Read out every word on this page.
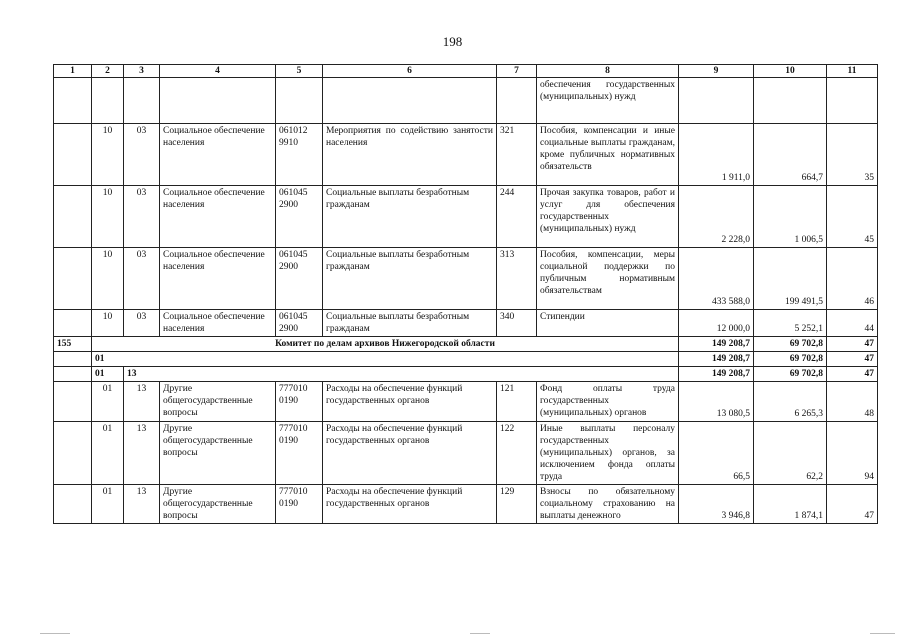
198
1	2	3	4	5	6	7	8	9	10	11
							обеспечения государственных (муниципальных) нужд			
	10	03	Социальное обеспечение населения	061012 9910	Мероприятия по содействию занятости населения	321	Пособия, компенсации и иные социальные выплаты гражданам, кроме публичных нормативных обязательств	1 911,0	664,7	35
	10	03	Социальное обеспечение населения	061045 2900	Социальные выплаты безработным гражданам	244	Прочая закупка товаров, работ и услуг для обеспечения государственных (муниципальных) нужд	2 228,0	1 006,5	45
	10	03	Социальное обеспечение населения	061045 2900	Социальные выплаты безработным гражданам	313	Пособия, компенсации, меры социальной поддержки по публичным нормативным обязательствам	433 588,0	199 491,5	46
	10	03	Социальное обеспечение населения	061045 2900	Социальные выплаты безработным гражданам	340	Стипендии	12 000,0	5 252,1	44
155	Комитет по делам архивов Нижегородской области							149 208,7	69 702,8	47
	01							149 208,7	69 702,8	47
	01	13						149 208,7	69 702,8	47
	01	13	Другие общегосударственные вопросы	777010 0190	Расходы на обеспечение функций государственных органов	121	Фонд оплаты труда государственных (муниципальных) органов	13 080,5	6 265,3	48
	01	13	Другие общегосударственные вопросы	777010 0190	Расходы на обеспечение функций государственных органов	122	Иные выплаты персоналу государственных (муниципальных) органов, за исключением фонда оплаты труда	66,5	62,2	94
	01	13	Другие общегосударственные вопросы	777010 0190	Расходы на обеспечение функций государственных органов	129	Взносы по обязательному социальному страхованию на выплаты денежного	3 946,8	1 874,1	47
